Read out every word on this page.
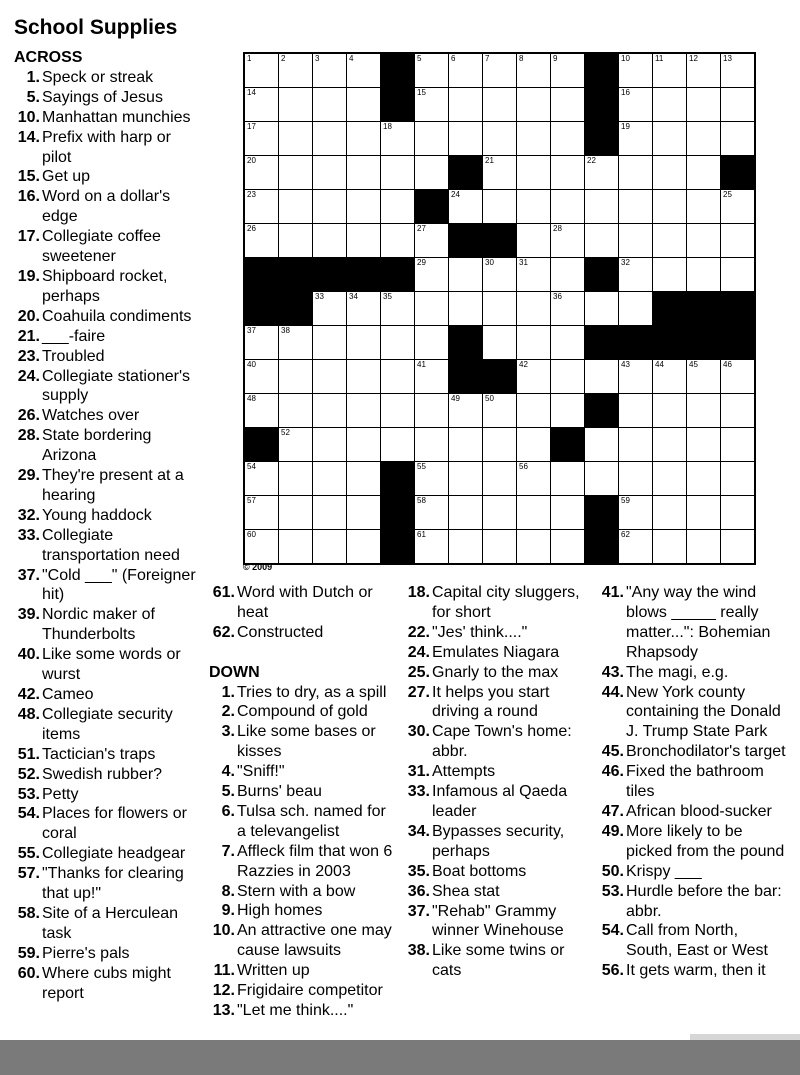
School Supplies
1	2	3	4	5	6	7	8	9	10	11	12	13
14	15	16
17	18	19
20	21	22
23	24	25
26	27	28
29	30	31	32
33	34	35	36
37	38
40	41	42	43	44	45	46
48	49	50
52
54	55	56
57	58	59
60	61	62
© 2009
ACROSS
1. Speck or streak
5. Sayings of Jesus
10. Manhattan munchies
14. Prefix with harp or pilot
15. Get up
16. Word on a dollar's edge
17. Collegiate coffee sweetener
19. Shipboard rocket, perhaps
20. Coahuila condiments
21. ___-faire
23. Troubled
24. Collegiate stationer's supply
26. Watches over
28. State bordering Arizona
29. They're present at a hearing
32. Young haddock
33. Collegiate transportation need
37. "Cold ___" (Foreigner hit)
39. Nordic maker of Thunderbolts
40. Like some words or wurst
42. Cameo
48. Collegiate security items
51. Tactician's traps
52. Swedish rubber?
53. Petty
54. Places for flowers or coral
55. Collegiate headgear
57. "Thanks for clearing that up!"
58. Site of a Herculean task
59. Pierre's pals
60. Where cubs might report
61. Word with Dutch or heat
62. Constructed
DOWN
1. Tries to dry, as a spill
2. Compound of gold
3. Like some bases or kisses
4. "Sniff!"
5. Burns' beau
6. Tulsa sch. named for a televangelist
7. Affleck film that won 6 Razzies in 2003
8. Stern with a bow
9. High homes
10. An attractive one may cause lawsuits
11. Written up
12. Frigidaire competitor
13. "Let me think...."
18. Capital city sluggers, for short
22. "Jes' think...."
24. Emulates Niagara
25. Gnarly to the max
27. It helps you start driving a round
30. Cape Town's home: abbr.
31. Attempts
33. Infamous al Qaeda leader
34. Bypasses security, perhaps
35. Boat bottoms
36. Shea stat
37. "Rehab" Grammy winner Winehouse
38. Like some twins or cats
41. "Any way the wind blows _____ really matter...": Bohemian Rhapsody
43. The magi, e.g.
44. New York county containing the Donald J. Trump State Park
45. Bronchodilator's target
46. Fixed the bathroom tiles
47. African blood-sucker
49. More likely to be picked from the pound
50. Krispy ___
53. Hurdle before the bar: abbr.
54. Call from North, South, East or West
56. It gets warm, then it
